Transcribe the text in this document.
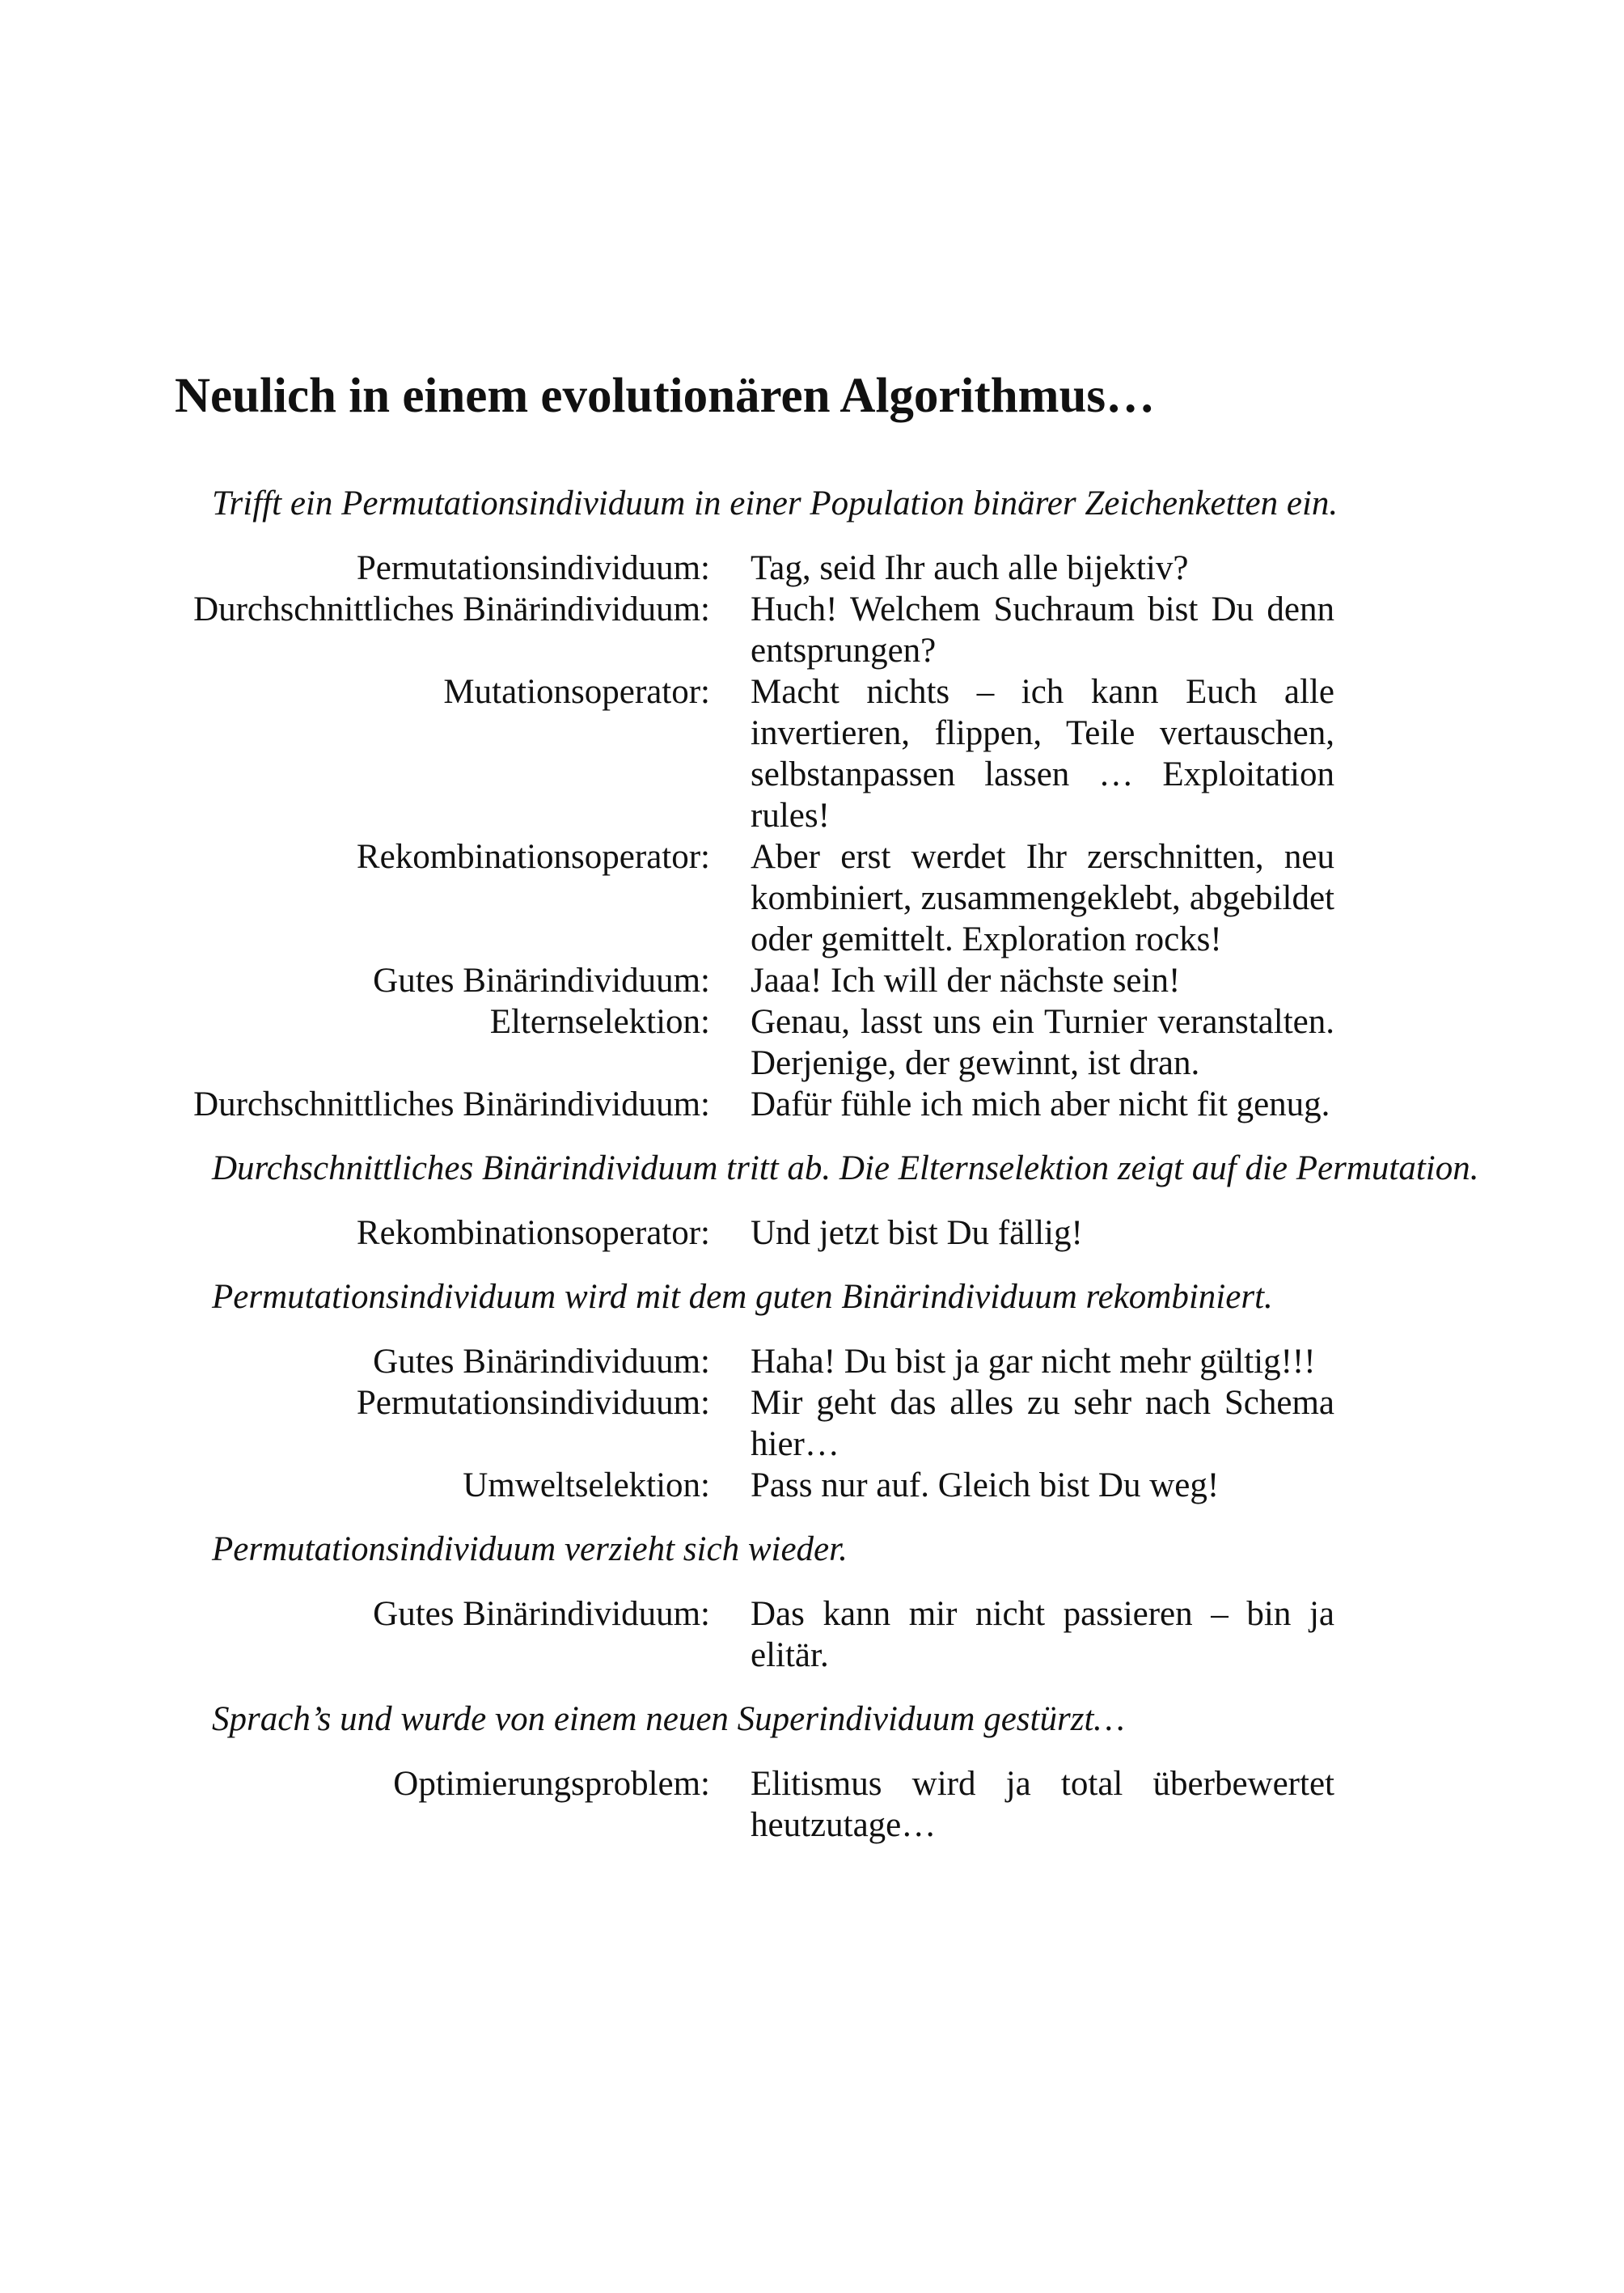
Neulich in einem evolutionären Algorithmus…

Trifft ein Permutationsindividuum in einer Population binärer Zeichenketten ein.

Permutationsindividuum: Tag, seid Ihr auch alle bijektiv?
Durchschnittliches Binärindividuum: Huch! Welchem Suchraum bist Du denn entsprungen?
Mutationsoperator: Macht nichts – ich kann Euch alle invertieren, flippen, Teile vertauschen, selbstanpassen lassen … Exploitation rules!
Rekombinationsoperator: Aber erst werdet Ihr zerschnitten, neu kombiniert, zusammengeklebt, abgebildet oder gemittelt. Exploration rocks!
Gutes Binärindividuum: Jaaa! Ich will der nächste sein!
Elternselektion: Genau, lasst uns ein Turnier veranstalten. Derjenige, der gewinnt, ist dran.
Durchschnittliches Binärindividuum: Dafür fühle ich mich aber nicht fit genug.

Durchschnittliches Binärindividuum tritt ab. Die Elternselektion zeigt auf die Permutation.

Rekombinationsoperator: Und jetzt bist Du fällig!

Permutationsindividuum wird mit dem guten Binärindividuum rekombiniert.

Gutes Binärindividuum: Haha! Du bist ja gar nicht mehr gültig!!!
Permutationsindividuum: Mir geht das alles zu sehr nach Schema hier…
Umweltselektion: Pass nur auf. Gleich bist Du weg!

Permutationsindividuum verzieht sich wieder.

Gutes Binärindividuum: Das kann mir nicht passieren – bin ja elitär.

Sprach’s und wurde von einem neuen Superindividuum gestürzt…

Optimierungsproblem: Elitismus wird ja total überbewertet heutzutage…
